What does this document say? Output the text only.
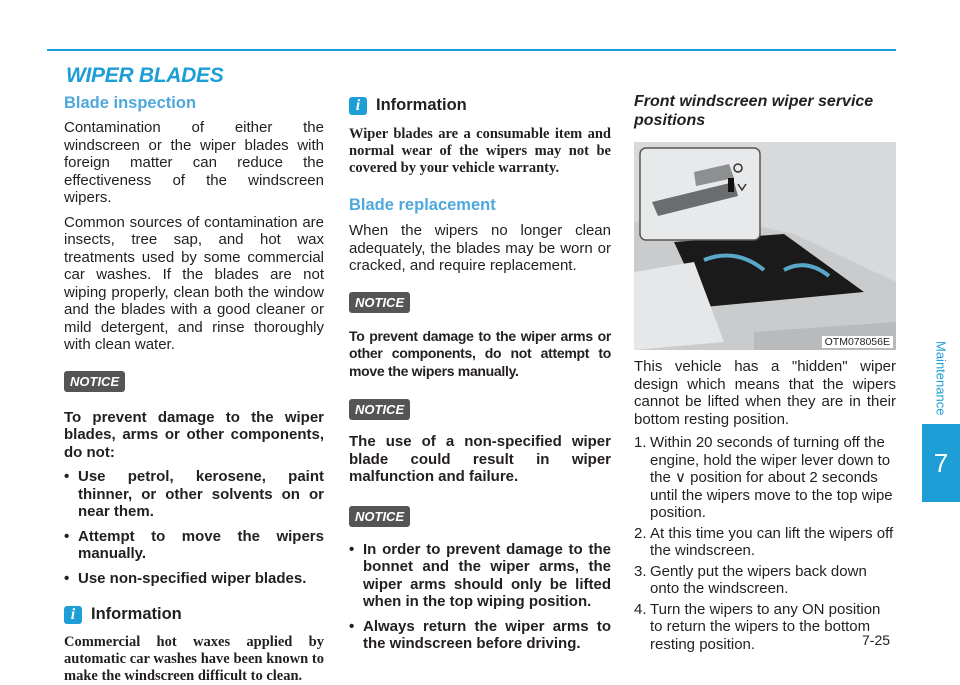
WIPER BLADES
Blade inspection

Contamination of either the windscreen or the wiper blades with foreign matter can reduce the effectiveness of the windscreen wipers.

Common sources of contamination are insects, tree sap, and hot wax treatments used by some commercial car washes. If the blades are not wiping properly, clean both the window and the blades with a good cleaner or mild detergent, and rinse thoroughly with clean water.

NOTICE

To prevent damage to the wiper blades, arms or other components, do not:

• Use petrol, kerosene, paint thinner, or other solvents on or near them.
• Attempt to move the wipers manually.
• Use non-specified wiper blades.
i Information

Commercial hot waxes applied by automatic car washes have been known to make the windscreen difficult to clean.

i Information

Wiper blades are a consumable item and normal wear of the wipers may not be covered by your vehicle warranty.

Blade replacement

When the wipers no longer clean adequately, the blades may be worn or cracked, and require replacement.

NOTICE

To prevent damage to the wiper arms or other components, do not attempt to move the wipers manually.

NOTICE

The use of a non-specified wiper blade could result in wiper malfunction and failure.

NOTICE
• In order to prevent damage to the bonnet and the wiper arms, the wiper arms should only be lifted when in the top wiping position.
• Always return the wiper arms to the windscreen before driving.
Front windscreen wiper service positions
OTM078056E

This vehicle has a "hidden" wiper design which means that the wipers cannot be lifted when they are in their bottom resting position.

1. Within 20 seconds of turning off the engine, hold the wiper lever down to the ∨ position for about 2 seconds until the wipers move to the top wipe position.
2. At this time you can lift the wipers off the windscreen.
3. Gently put the wipers back down onto the windscreen.
4. Turn the wipers to any ON position to return the wipers to the bottom resting position.
Maintenance
7
7-25
